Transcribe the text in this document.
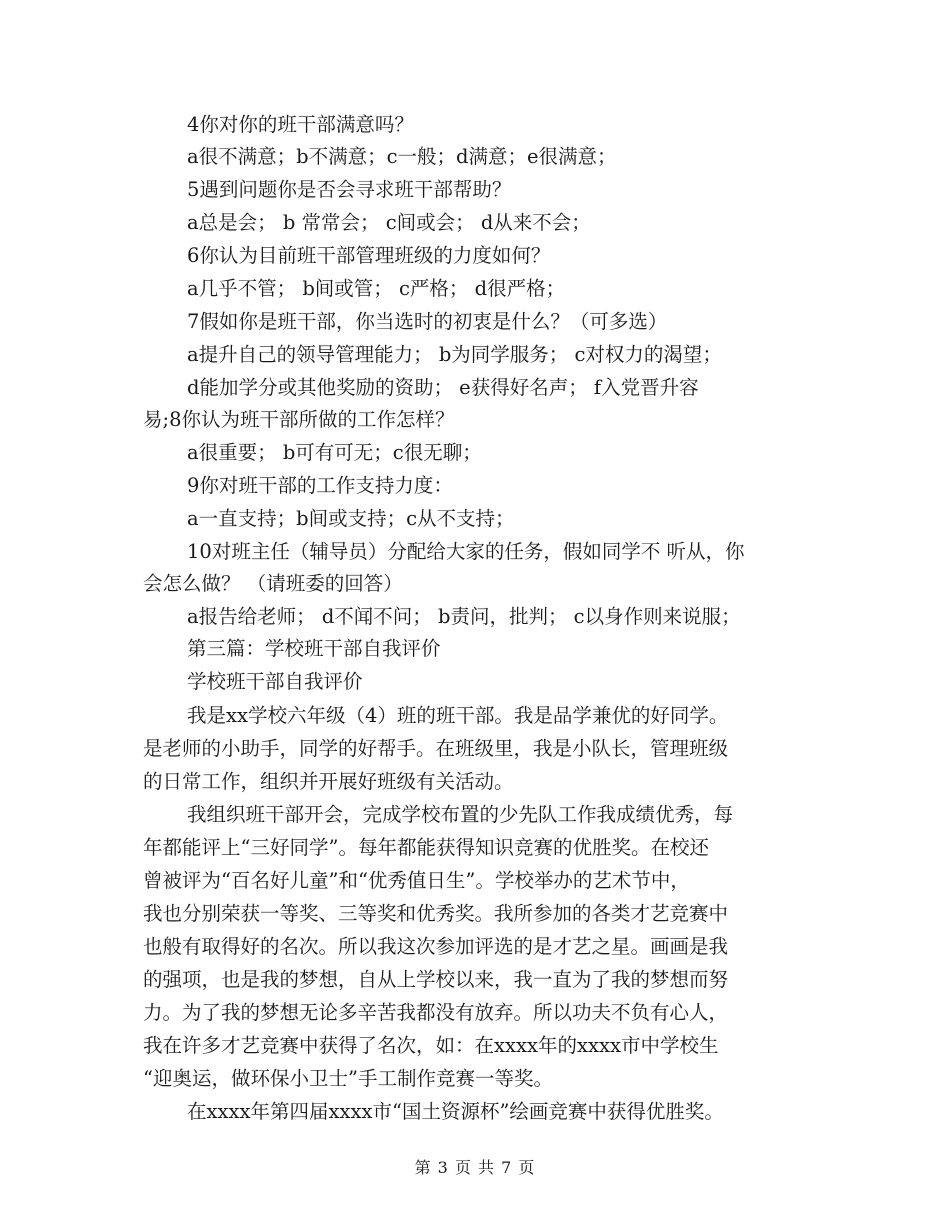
4你对你的班干部满意吗？
a很不满意；b不满意；c一般；d满意；e很满意；
5遇到问题你是否会寻求班干部帮助？
a总是会； b 常常会； c间或会； d从来不会；
6你认为目前班干部管理班级的力度如何？
a几乎不管； b间或管； c严格； d很严格；
7假如你是班干部，你当选时的初衷是什么？（可多选）
a提升自己的领导管理能力； b为同学服务； c对权力的渴望；
d能加学分或其他奖励的资助； e获得好名声； f入党晋升容
易;8你认为班干部所做的工作怎样？
a很重要； b可有可无；c很无聊；
9你对班干部的工作支持力度：
a一直支持；b间或支持；c从不支持；
10对班主任（辅导员）分配给大家的任务，假如同学不 听从，你
会怎么做？ （请班委的回答）
a报告给老师； d不闻不问； b责问，批判； c以身作则来说服；
第三篇：学校班干部自我评价
学校班干部自我评价
我是xx学校六年级（4）班的班干部。我是品学兼优的好同学。
是老师的小助手，同学的好帮手。在班级里，我是小队长，管理班级
的日常工作，组织并开展好班级有关活动。
我组织班干部开会，完成学校布置的少先队工作我成绩优秀，每
年都能评上“三好同学”。每年都能获得知识竞赛的优胜奖。在校还
曾被评为“百名好儿童”和“优秀值日生”。学校举办的艺术节中，
我也分别荣获一等奖、三等奖和优秀奖。我所参加的各类才艺竞赛中
也般有取得好的名次。所以我这次参加评选的是才艺之星。画画是我
的强项，也是我的梦想，自从上学校以来，我一直为了我的梦想而努
力。为了我的梦想无论多辛苦我都没有放弃。所以功夫不负有心人，
我在许多才艺竞赛中获得了名次，如：在xxxx年的xxxx市中学校生
“迎奥运，做环保小卫士”手工制作竞赛一等奖。
在xxxx年第四届xxxx市“国土资源杯”绘画竞赛中获得优胜奖。
第 3 页 共 7 页
